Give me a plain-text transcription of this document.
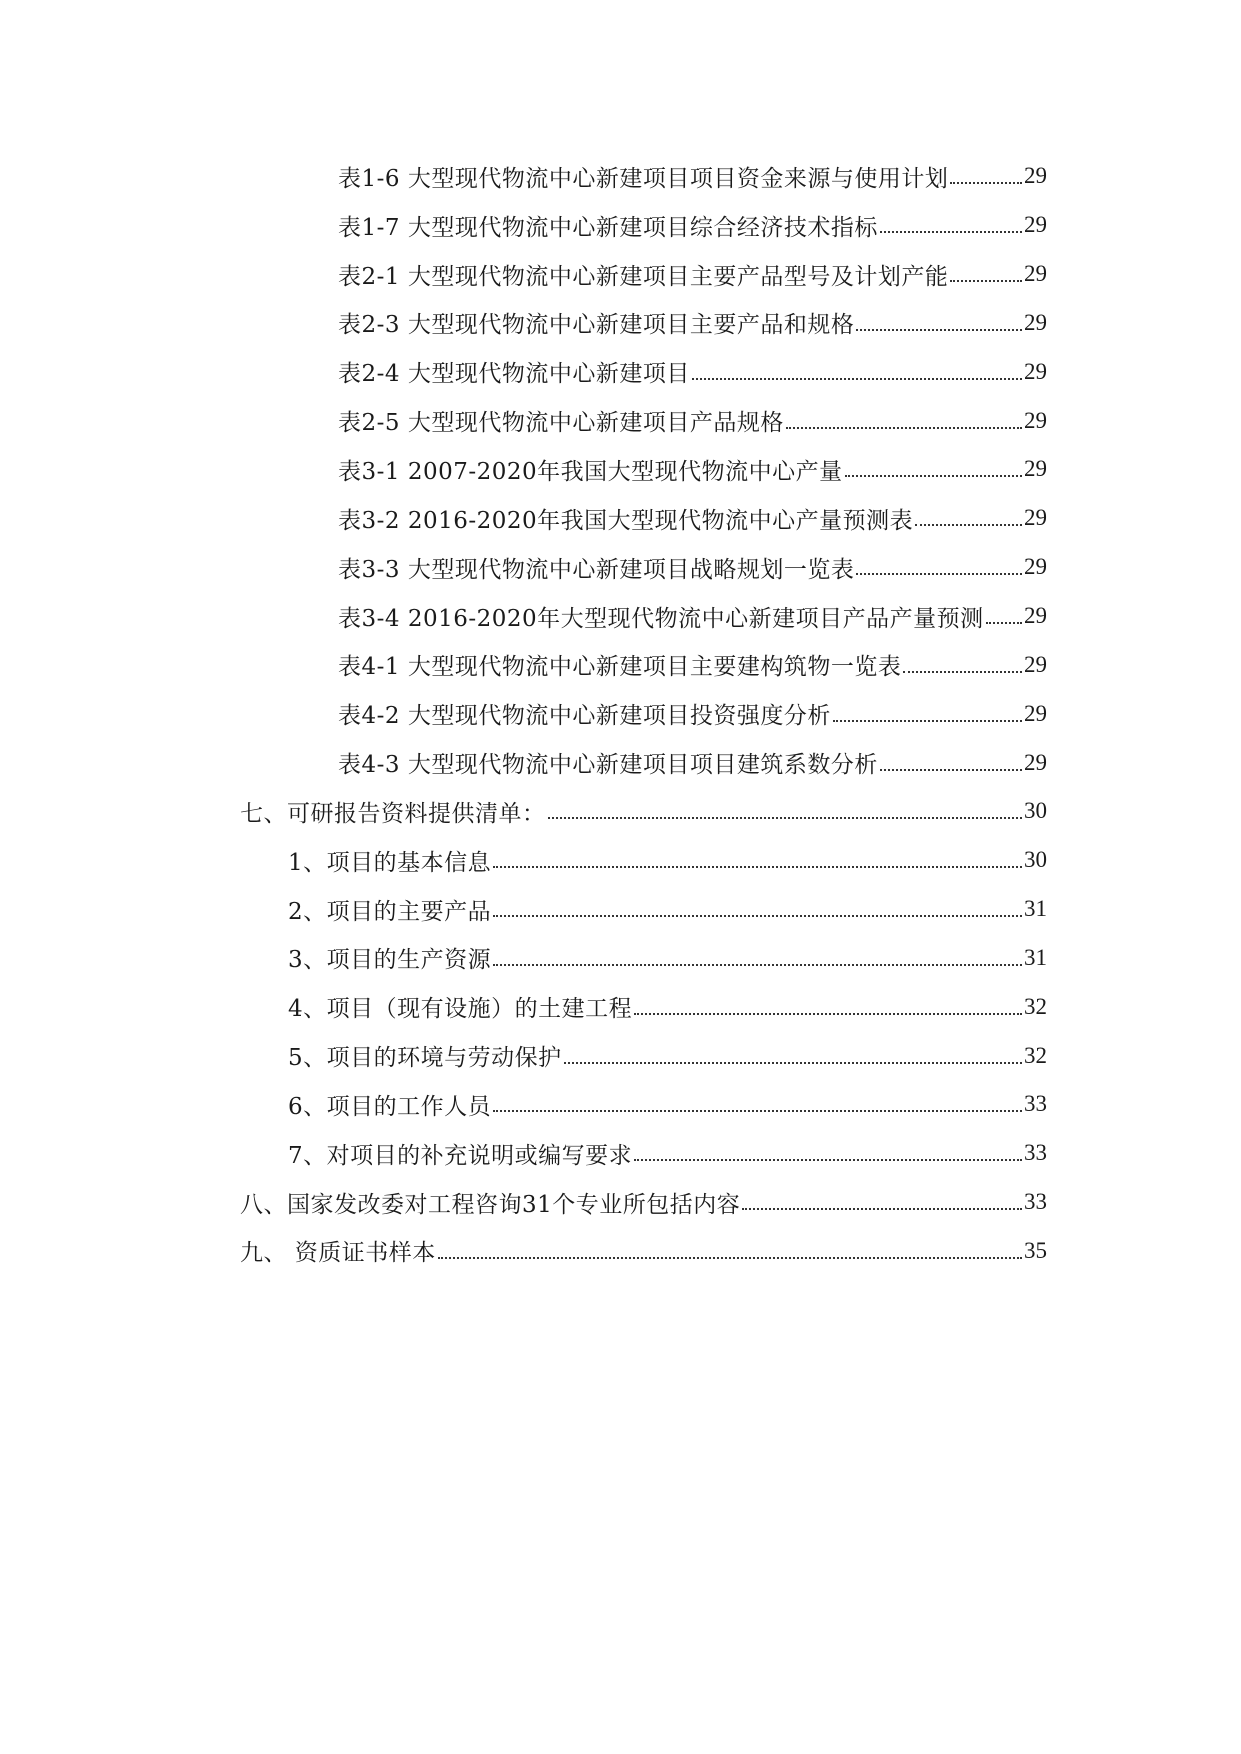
表1-6 大型现代物流中心新建项目项目资金来源与使用计划	29
表1-7 大型现代物流中心新建项目综合经济技术指标	29
表2-1 大型现代物流中心新建项目主要产品型号及计划产能	29
表2-3 大型现代物流中心新建项目主要产品和规格	29
表2-4 大型现代物流中心新建项目	29
表2-5 大型现代物流中心新建项目产品规格	29
表3-1 2007-2020年我国大型现代物流中心产量	29
表3-2 2016-2020年我国大型现代物流中心产量预测表	29
表3-3 大型现代物流中心新建项目战略规划一览表	29
表3-4 2016-2020年大型现代物流中心新建项目产品产量预测 29
表4-1 大型现代物流中心新建项目主要建构筑物一览表	29
表4-2 大型现代物流中心新建项目投资强度分析	29
表4-3 大型现代物流中心新建项目项目建筑系数分析	29
七、可研报告资料提供清单：	30
1、项目的基本信息	30
2、项目的主要产品	31
3、项目的生产资源	31
4、项目（现有设施）的土建工程	32
5、项目的环境与劳动保护	32
6、项目的工作人员	33
7、对项目的补充说明或编写要求	33
八、国家发改委对工程咨询31个专业所包括内容	33
九、 资质证书样本	35
